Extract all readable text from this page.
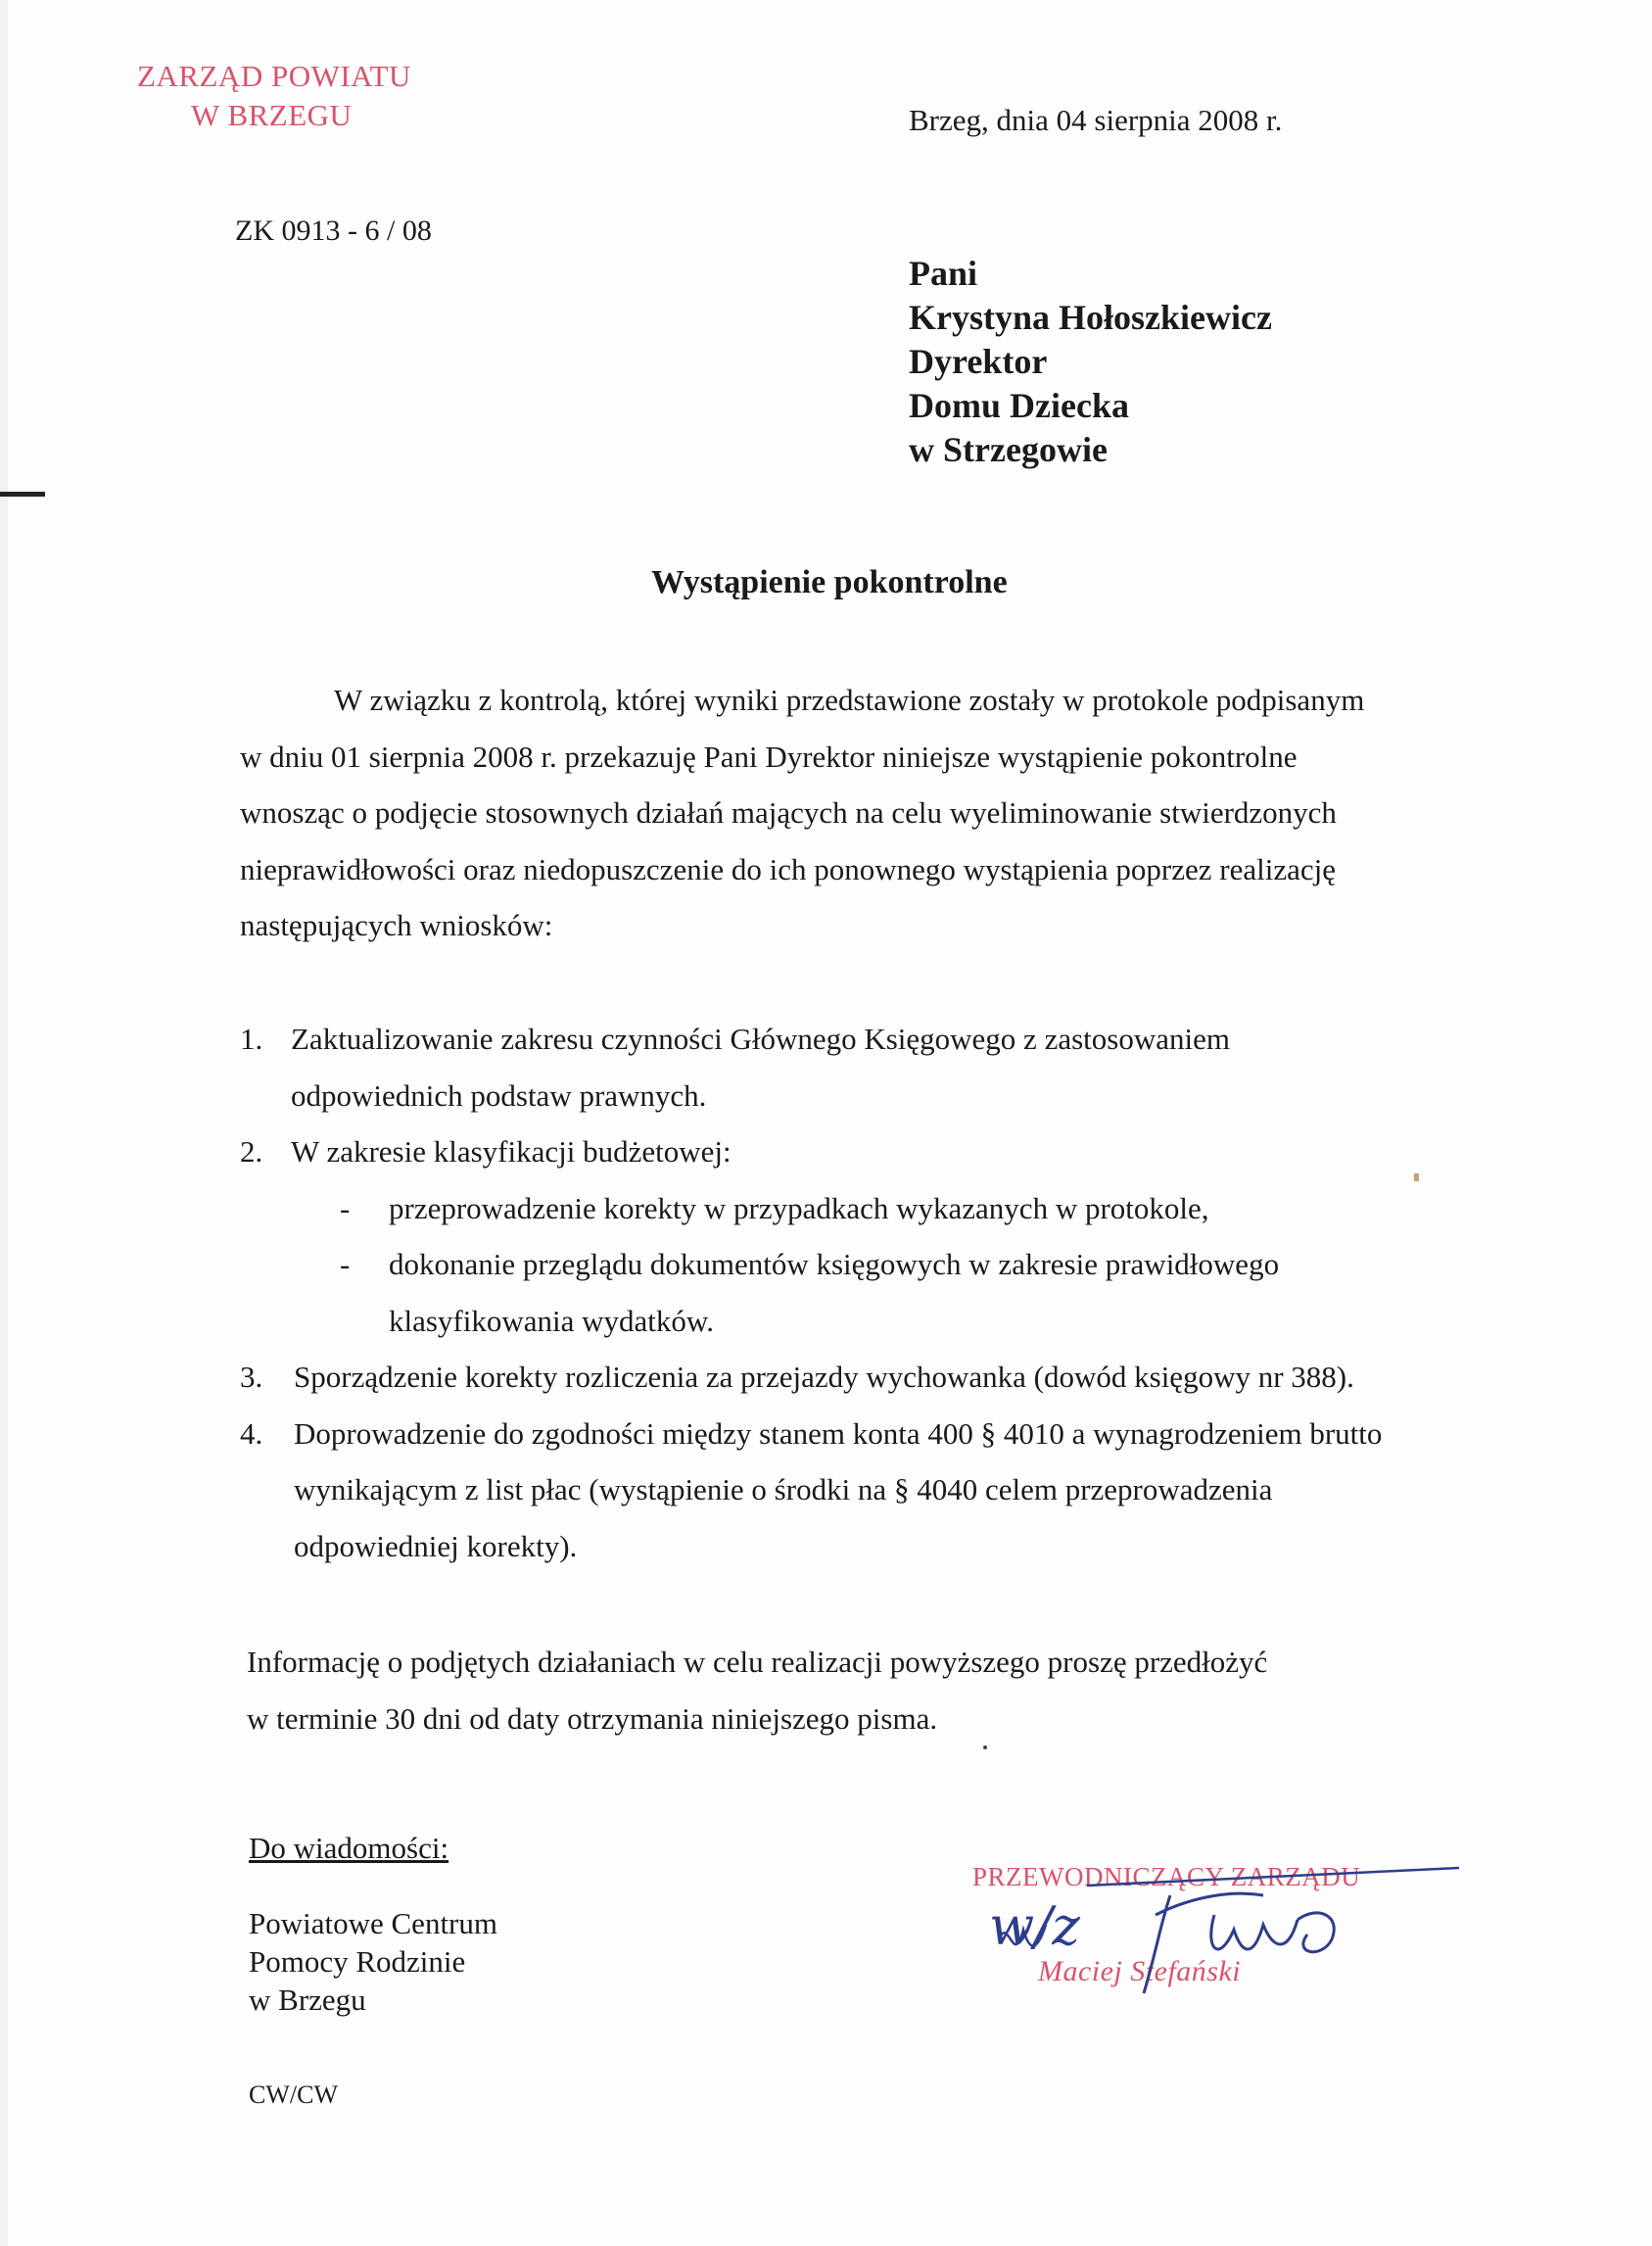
ZARZĄD POWIATU
W BRZEGU	Brzeg, dnia 04 sierpnia 2008 r.
ZK 0913 - 6 / 08
Pani
Krystyna Hołoszkiewicz
Dyrektor
Domu Dziecka
w Strzegowie
Wystąpienie pokontrolne
W związku z kontrolą, której wyniki przedstawione zostały w protokole podpisanym
w dniu 01 sierpnia 2008 r. przekazuję Pani Dyrektor niniejsze wystąpienie pokontrolne
wnosząc o podjęcie stosownych działań mających na celu wyeliminowanie stwierdzonych
nieprawidłowości oraz niedopuszczenie do ich ponownego wystąpienia poprzez realizację
następujących wniosków:
1. Zaktualizowanie zakresu czynności Głównego Księgowego z zastosowaniem
odpowiednich podstaw prawnych.
2. W zakresie klasyfikacji budżetowej:
- przeprowadzenie korekty w przypadkach wykazanych w protokole,
- dokonanie przeglądu dokumentów księgowych w zakresie prawidłowego
klasyfikowania wydatków.
3. Sporządzenie korekty rozliczenia za przejazdy wychowanka (dowód księgowy nr 388).
4. Doprowadzenie do zgodności między stanem konta 400 § 4010 a wynagrodzeniem brutto
wynikającym z list płac (wystąpienie o środki na § 4040 celem przeprowadzenia
odpowiedniej korekty).
Informację o podjętych działaniach w celu realizacji powyższego proszę przedłożyć
w terminie 30 dni od daty otrzymania niniejszego pisma.
Do wiadomości:
Powiatowe Centrum
Pomocy Rodzinie
w Brzegu
CW/CW
PRZEWODNICZĄCY ZARZĄDU
Maciej Stefański
w/z
